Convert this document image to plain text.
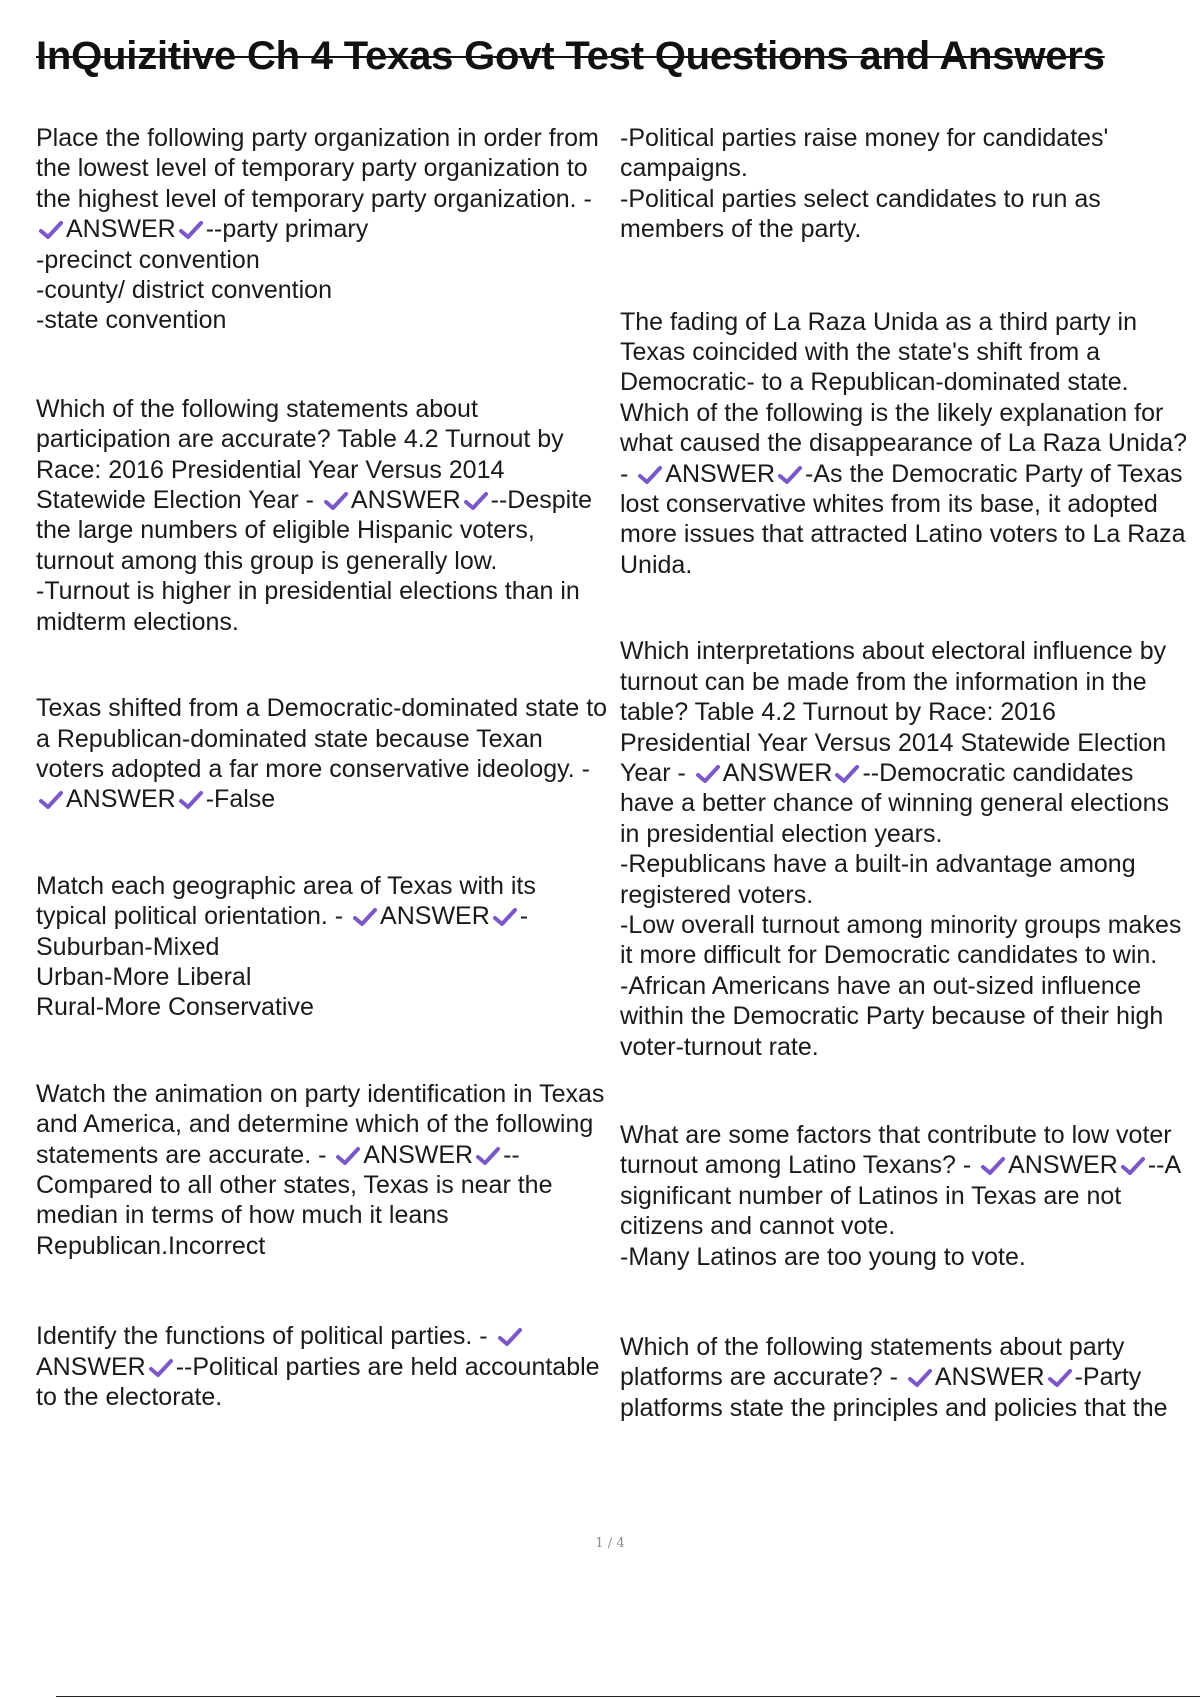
InQuizitive Ch 4 Texas Govt Test Questions and Answers
Place the following party organization in order from the lowest level of temporary party organization to the highest level of temporary party organization. -
ANSWER --party primary
-precinct convention
-county/ district convention
-state convention
Which of the following statements about participation are accurate? Table 4.2 Turnout by Race: 2016 Presidential Year Versus 2014 Statewide Election Year - ANSWER --Despite the large numbers of eligible Hispanic voters, turnout among this group is generally low.
-Turnout is higher in presidential elections than in midterm elections.
Texas shifted from a Democratic-dominated state to a Republican-dominated state because Texan voters adopted a far more conservative ideology. -
ANSWER -False
Match each geographic area of Texas with its typical political orientation. - ANSWER -
Suburban-Mixed
Urban-More Liberal
Rural-More Conservative
Watch the animation on party identification in Texas and America, and determine which of the following statements are accurate. - ANSWER -- Compared to all other states, Texas is near the median in terms of how much it leans Republican.Incorrect
Identify the functions of political parties. -
ANSWER --Political parties are held accountable to the electorate.
-Political parties raise money for candidates' campaigns.
-Political parties select candidates to run as members of the party.
The fading of La Raza Unida as a third party in Texas coincided with the state's shift from a Democratic- to a Republican-dominated state. Which of the following is the likely explanation for what caused the disappearance of La Raza Unida? - ANSWER -As the Democratic Party of Texas lost conservative whites from its base, it adopted more issues that attracted Latino voters to La Raza Unida.
Which interpretations about electoral influence by turnout can be made from the information in the table? Table 4.2 Turnout by Race: 2016 Presidential Year Versus 2014 Statewide Election Year - ANSWER --Democratic candidates have a better chance of winning general elections in presidential election years.
-Republicans have a built-in advantage among registered voters.
-Low overall turnout among minority groups makes it more difficult for Democratic candidates to win.
-African Americans have an out-sized influence within the Democratic Party because of their high voter-turnout rate.
What are some factors that contribute to low voter turnout among Latino Texans? - ANSWER --A significant number of Latinos in Texas are not citizens and cannot vote.
-Many Latinos are too young to vote.
Which of the following statements about party platforms are accurate? - ANSWER -Party platforms state the principles and policies that the
1 / 4
